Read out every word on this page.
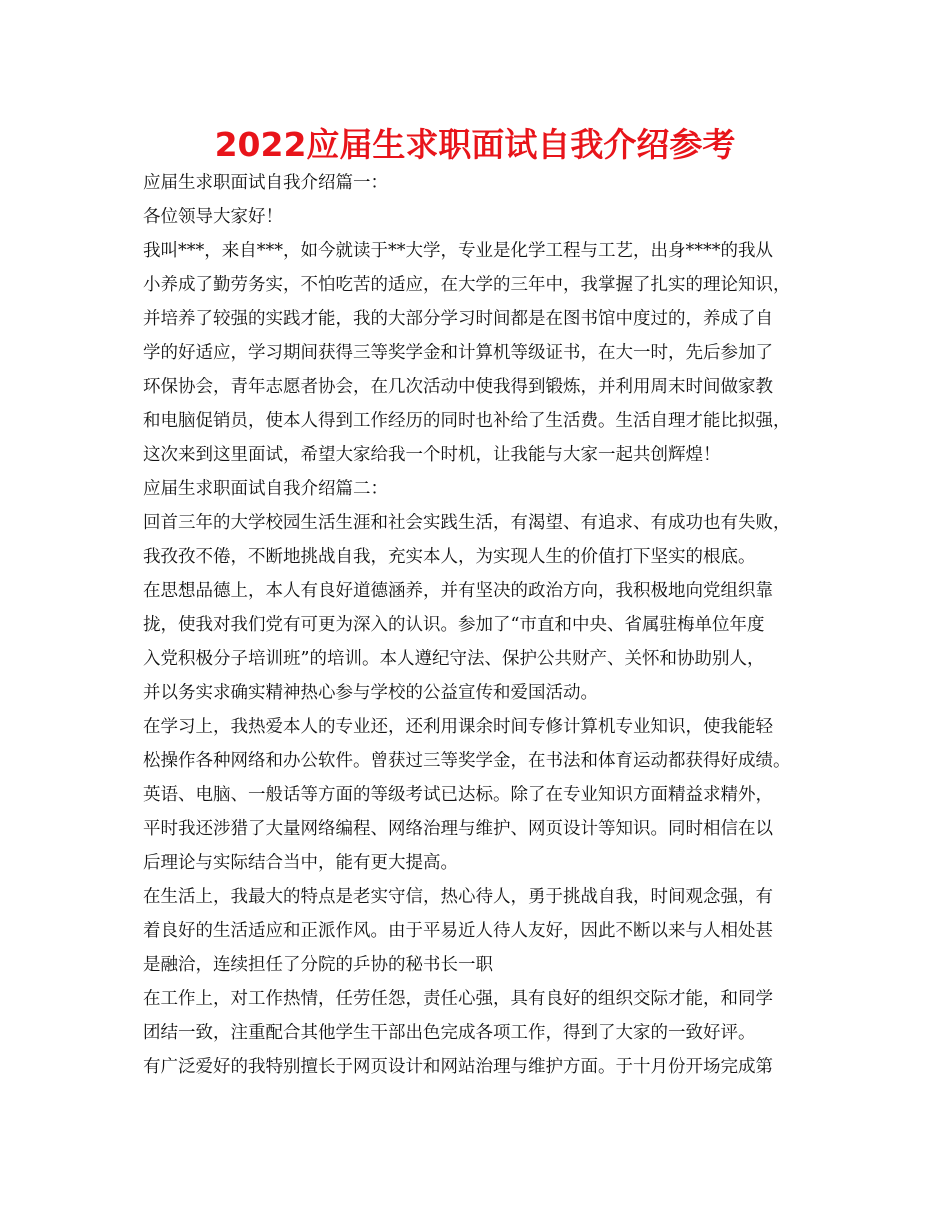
2022应届生求职面试自我介绍参考
应届生求职面试自我介绍篇一：
各位领导大家好！
我叫***，来自***，如今就读于**大学，专业是化学工程与工艺，出身****的我从
小养成了勤劳务实，不怕吃苦的适应，在大学的三年中，我掌握了扎实的理论知识，
并培养了较强的实践才能，我的大部分学习时间都是在图书馆中度过的，养成了自
学的好适应，学习期间获得三等奖学金和计算机等级证书，在大一时，先后参加了
环保协会，青年志愿者协会，在几次活动中使我得到锻炼，并利用周末时间做家教
和电脑促销员，使本人得到工作经历的同时也补给了生活费。生活自理才能比拟强，
这次来到这里面试，希望大家给我一个时机，让我能与大家一起共创辉煌！
应届生求职面试自我介绍篇二：
回首三年的大学校园生活生涯和社会实践生活，有渴望、有追求、有成功也有失败，
我孜孜不倦，不断地挑战自我，充实本人，为实现人生的价值打下坚实的根底。
在思想品德上，本人有良好道德涵养，并有坚决的政治方向，我积极地向党组织靠
拢，使我对我们党有可更为深入的认识。参加了“市直和中央、省属驻梅单位年度
入党积极分子培训班”的培训。本人遵纪守法、保护公共财产、关怀和协助别人，
并以务实求确实精神热心参与学校的公益宣传和爱国活动。
在学习上，我热爱本人的专业还，还利用课余时间专修计算机专业知识，使我能轻
松操作各种网络和办公软件。曾获过三等奖学金，在书法和体育运动都获得好成绩。
英语、电脑、一般话等方面的等级考试已达标。除了在专业知识方面精益求精外，
平时我还涉猎了大量网络编程、网络治理与维护、网页设计等知识。同时相信在以
后理论与实际结合当中，能有更大提高。
在生活上，我最大的特点是老实守信，热心待人，勇于挑战自我，时间观念强，有
着良好的生活适应和正派作风。由于平易近人待人友好，因此不断以来与人相处甚
是融洽，连续担任了分院的乒协的秘书长一职
在工作上，对工作热情，任劳任怨，责任心强，具有良好的组织交际才能，和同学
团结一致，注重配合其他学生干部出色完成各项工作，得到了大家的一致好评。
有广泛爱好的我特别擅长于网页设计和网站治理与维护方面。于十月份开场完成第
